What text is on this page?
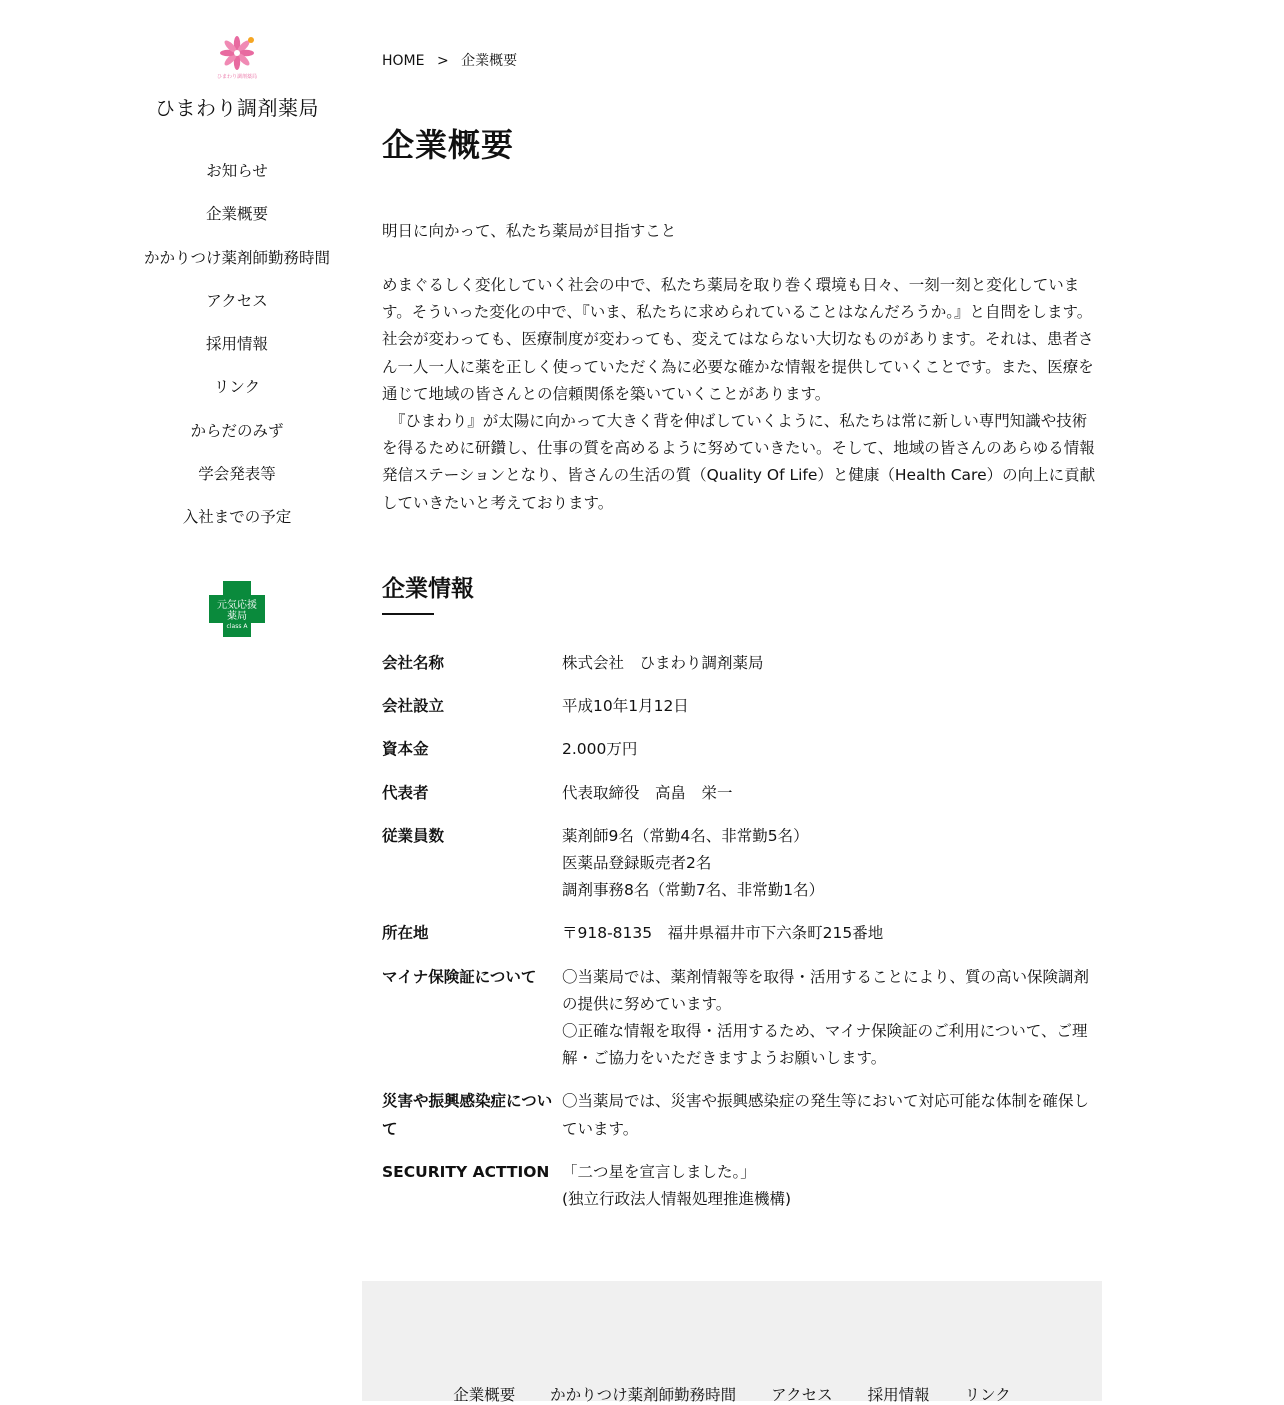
ひまわり調剤薬局
ひまわり調剤薬局
お知らせ
企業概要
かかりつけ薬剤師勤務時間
アクセス
採用情報
リンク
からだのみず
学会発表等
入社までの予定
元気応援
薬局
class A
HOME > 企業概要
企業概要

明日に向かって、私たち薬局が目指すこと

めまぐるしく変化していく社会の中で、私たち薬局を取り巻く環境も日々、一刻一刻と変化しています。そういった変化の中で、『いま、私たちに求められていることはなんだろうか。』と自問をします。社会が変わっても、医療制度が変わっても、変えてはならない大切なものがあります。それは、患者さん一人一人に薬を正しく使っていただく為に必要な確かな情報を提供していくことです。また、医療を通じて地域の皆さんとの信頼関係を築いていくことがあります。

　『ひまわり』が太陽に向かって大きく背を伸ばしていくように、私たちは常に新しい専門知識や技術を得るために研鑽し、仕事の質を高めるように努めていきたい。そして、地域の皆さんのあらゆる情報発信ステーションとなり、皆さんの生活の質（Quality Of Life）と健康（Health Care）の向上に貢献していきたいと考えております。

企業情報
会社名称	株式会社　ひまわり調剤薬局

会社設立	平成10年1月12日

資本金	2.000万円

代表者	代表取締役　高畠　栄一

従業員数	薬剤師9名（常勤4名、非常勤5名）
医薬品登録販売者2名
調剤事務8名（常勤7名、非常勤1名）

所在地	〒918-8135　福井県福井市下六条町215番地

マイナ保険証について	〇当薬局では、薬剤情報等を取得・活用することにより、質の高い保険調剤の提供に努めています。
〇正確な情報を取得・活用するため、マイナ保険証のご利用について、ご理解・ご協力をいただきますようお願いします。

災害や振興感染症について	〇当薬局では、災害や振興感染症の発生等において対応可能な体制を確保しています。

SECURITY ACTTION	「二つ星を宣言しました。」
(独立行政法人情報処理推進機構)
企業概要 かかりつけ薬剤師勤務時間 アクセス 採用情報 リンク
